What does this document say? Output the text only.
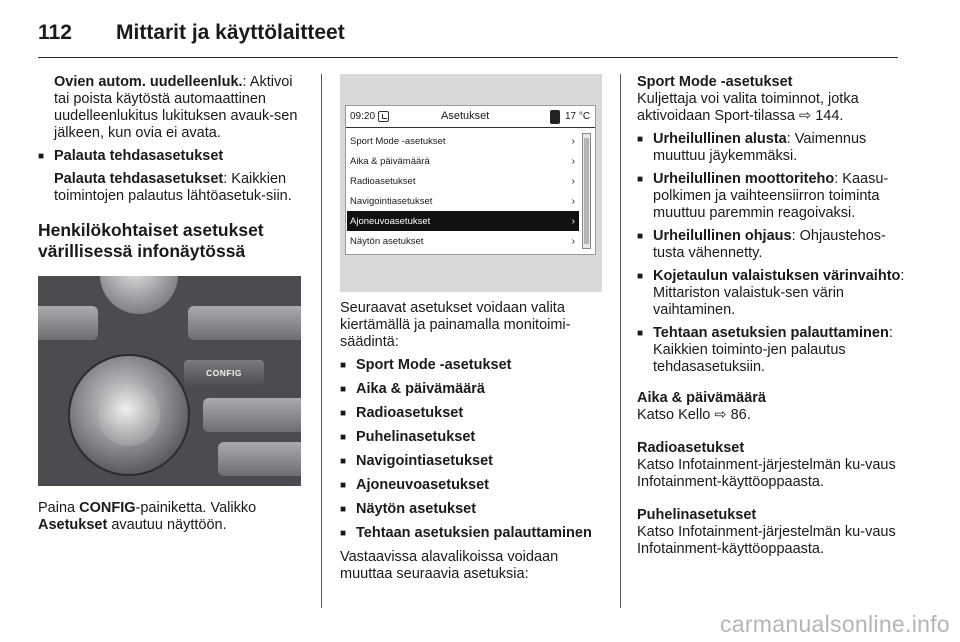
112	Mittarit ja käyttölaitteet

Ovien autom. uudelleenluk.: Aktivoi tai poista käytöstä automaattinen uudelleenlukitus lukituksen avauk-sen jälkeen, kun ovia ei avata.

■ Palauta tehdasasetukset

Palauta tehdasasetukset: Kaikkien toimintojen palautus lähtöasetuk-siin.

Henkilökohtaiset asetukset
värillisessä infonäytössä
CONFIG

Paina CONFIG-painiketta. Valikko
Asetukset avautuu näyttöön.

09:20	Asetukset	17 °C
Sport Mode -asetukset	›
Aika & päivämäärä	›
Radioasetukset	›
Navigointiasetukset	›
Ajoneuvoasetukset	›
Näytön asetukset	›

Seuraavat asetukset voidaan valita kiertämällä ja painamalla monitoimi-säädintä:

■ Sport Mode -asetukset

■ Aika & päivämäärä

■ Radioasetukset

■ Puhelinasetukset

■ Navigointiasetukset

■ Ajoneuvoasetukset

■ Näytön asetukset

■ Tehtaan asetuksien palauttaminen

Vastaavissa alavalikoissa voidaan muuttaa seuraavia asetuksia:

Sport Mode -asetukset

Kuljettaja voi valita toiminnot, jotka aktivoidaan Sport-tilassa ⇨ 144.

■ Urheilullinen alusta: Vaimennus muuttuu jäykemmäksi.

■ Urheilullinen moottoriteho: Kaasu-polkimen ja vaihteensiirron toiminta muuttuu paremmin reagoivaksi.

■ Urheilullinen ohjaus: Ohjaustehos-tusta vähennetty.

■ Kojetaulun valaistuksen värinvaihto: Mittariston valaistuk-sen värin vaihtaminen.

■ Tehtaan asetuksien palauttaminen: Kaikkien toiminto-jen palautus tehdasasetuksiin.

Aika & päivämäärä

Katso Kello ⇨ 86.

Radioasetukset

Katso Infotainment-järjestelmän ku-vaus Infotainment-käyttöoppaasta.

Puhelinasetukset

Katso Infotainment-järjestelmän ku-vaus Infotainment-käyttöoppaasta.

carmanualsonline.info
